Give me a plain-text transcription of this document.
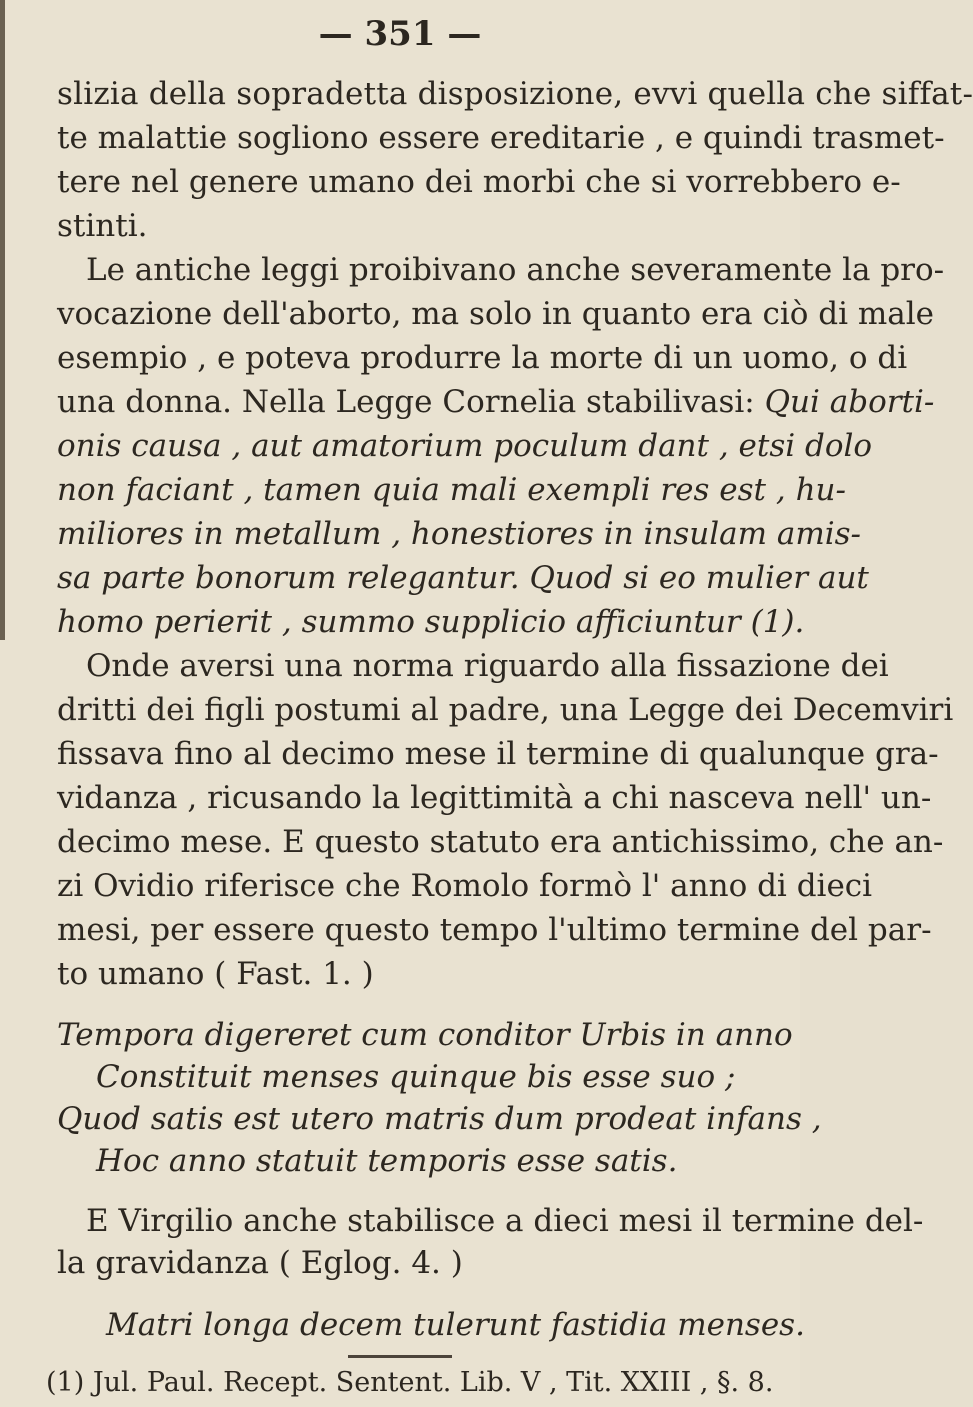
— 351 —
slizia della sopradetta disposizione, evvi quella che siffat-
te malattie sogliono essere ereditarie , e quindi trasmet-
tere nel genere umano dei morbi che si vorrebbero e-
stinti.
Le antiche leggi proibivano anche severamente la pro-
vocazione dell'aborto, ma solo in quanto era ciò di male
esempio , e poteva produrre la morte di un uomo, o di
una donna. Nella Legge Cornelia stabilivasi: Qui aborti-
onis causa , aut amatorium poculum dant , etsi dolo
non faciant , tamen quia mali exempli res est , hu-
miliores in metallum , honestiores in insulam amis-
sa parte bonorum relegantur. Quod si eo mulier aut
homo perierit , summo supplicio afficiuntur (1).
Onde aversi una norma riguardo alla fissazione dei
dritti dei figli postumi al padre, una Legge dei Decemviri
fissava fino al decimo mese il termine di qualunque gra-
vidanza , ricusando la legittimità a chi nasceva nell' un-
decimo mese. E questo statuto era antichissimo, che an-
zi Ovidio riferisce che Romolo formò l' anno di dieci
mesi, per essere questo tempo l'ultimo termine del par-
to umano ( Fast. 1. )
Tempora digereret cum conditor Urbis in anno
Constituit menses quinque bis esse suo ;
Quod satis est utero matris dum prodeat infans ,
Hoc anno statuit temporis esse satis.
E Virgilio anche stabilisce a dieci mesi il termine del-
la gravidanza ( Eglog. 4. )
Matri longa decem tulerunt fastidia menses.
(1) Jul. Paul. Recept. Sentent. Lib. V , Tit. XXIII , §. 8.
